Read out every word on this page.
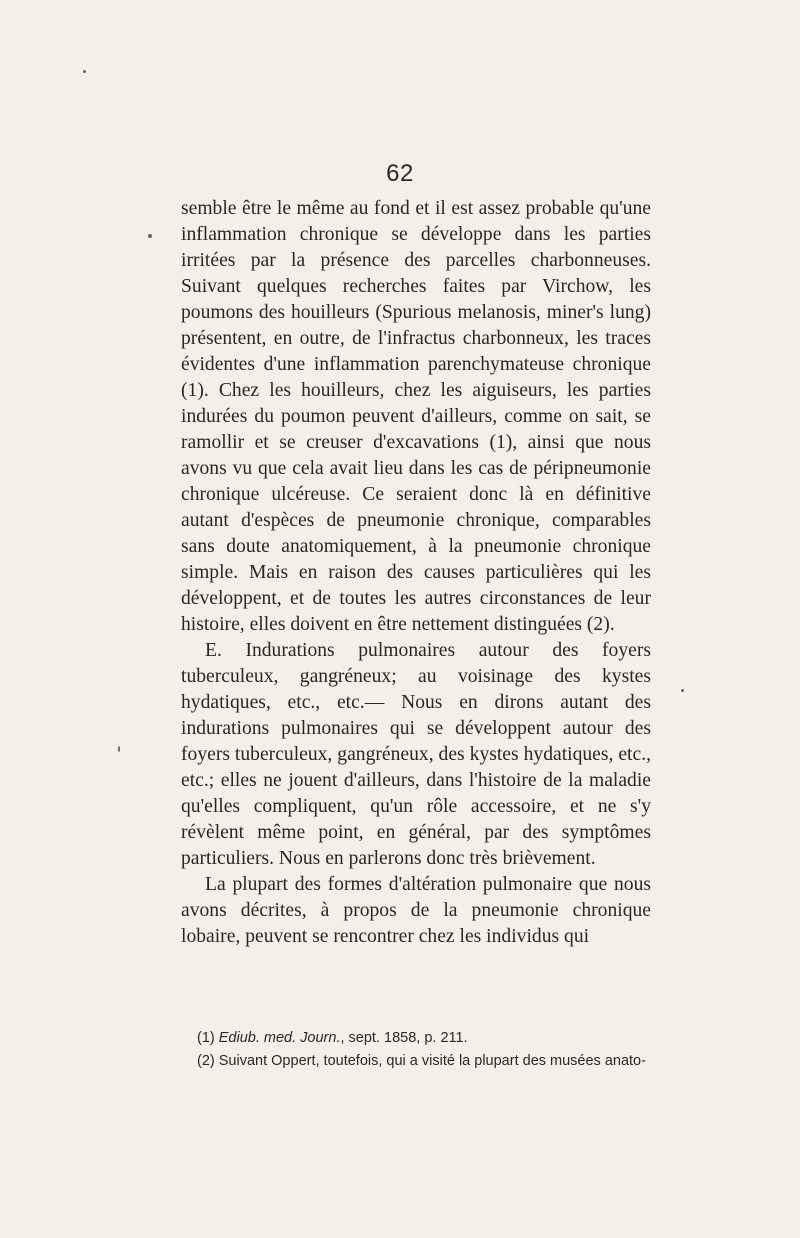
62

semble être le même au fond et il est assez probable qu'une inflammation chronique se développe dans les parties irritées par la présence des parcelles charbonneuses. Suivant quelques recherches faites par Virchow, les poumons des houilleurs (Spurious melanosis, miner's lung) présentent, en outre, de l'infractus charbonneux, les traces évidentes d'une inflammation parenchymateuse chronique (1). Chez les houilleurs, chez les aiguiseurs, les parties indurées du poumon peuvent d'ailleurs, comme on sait, se ramollir et se creuser d'excavations (1), ainsi que nous avons vu que cela avait lieu dans les cas de péripneumonie chronique ulcéreuse. Ce seraient donc là en définitive autant d'espèces de pneumonie chronique, comparables sans doute anatomiquement, à la pneumonie chronique simple. Mais en raison des causes particulières qui les développent, et de toutes les autres circonstances de leur histoire, elles doivent en être nettement distinguées (2).

E. Indurations pulmonaires autour des foyers tuberculeux, gangréneux; au voisinage des kystes hydatiques, etc., etc.— Nous en dirons autant des indurations pulmonaires qui se développent autour des foyers tuberculeux, gangréneux, des kystes hydatiques, etc., etc.; elles ne jouent d'ailleurs, dans l'histoire de la maladie qu'elles compliquent, qu'un rôle accessoire, et ne s'y révèlent même point, en général, par des symptômes particuliers. Nous en parlerons donc très brièvement.

La plupart des formes d'altération pulmonaire que nous avons décrites, à propos de la pneumonie chronique lobaire, peuvent se rencontrer chez les individus qui

(1) Ediub. med. Journ., sept. 1858, p. 211.
(2) Suivant Oppert, toutefois, qui a visité la plupart des musées anato-
